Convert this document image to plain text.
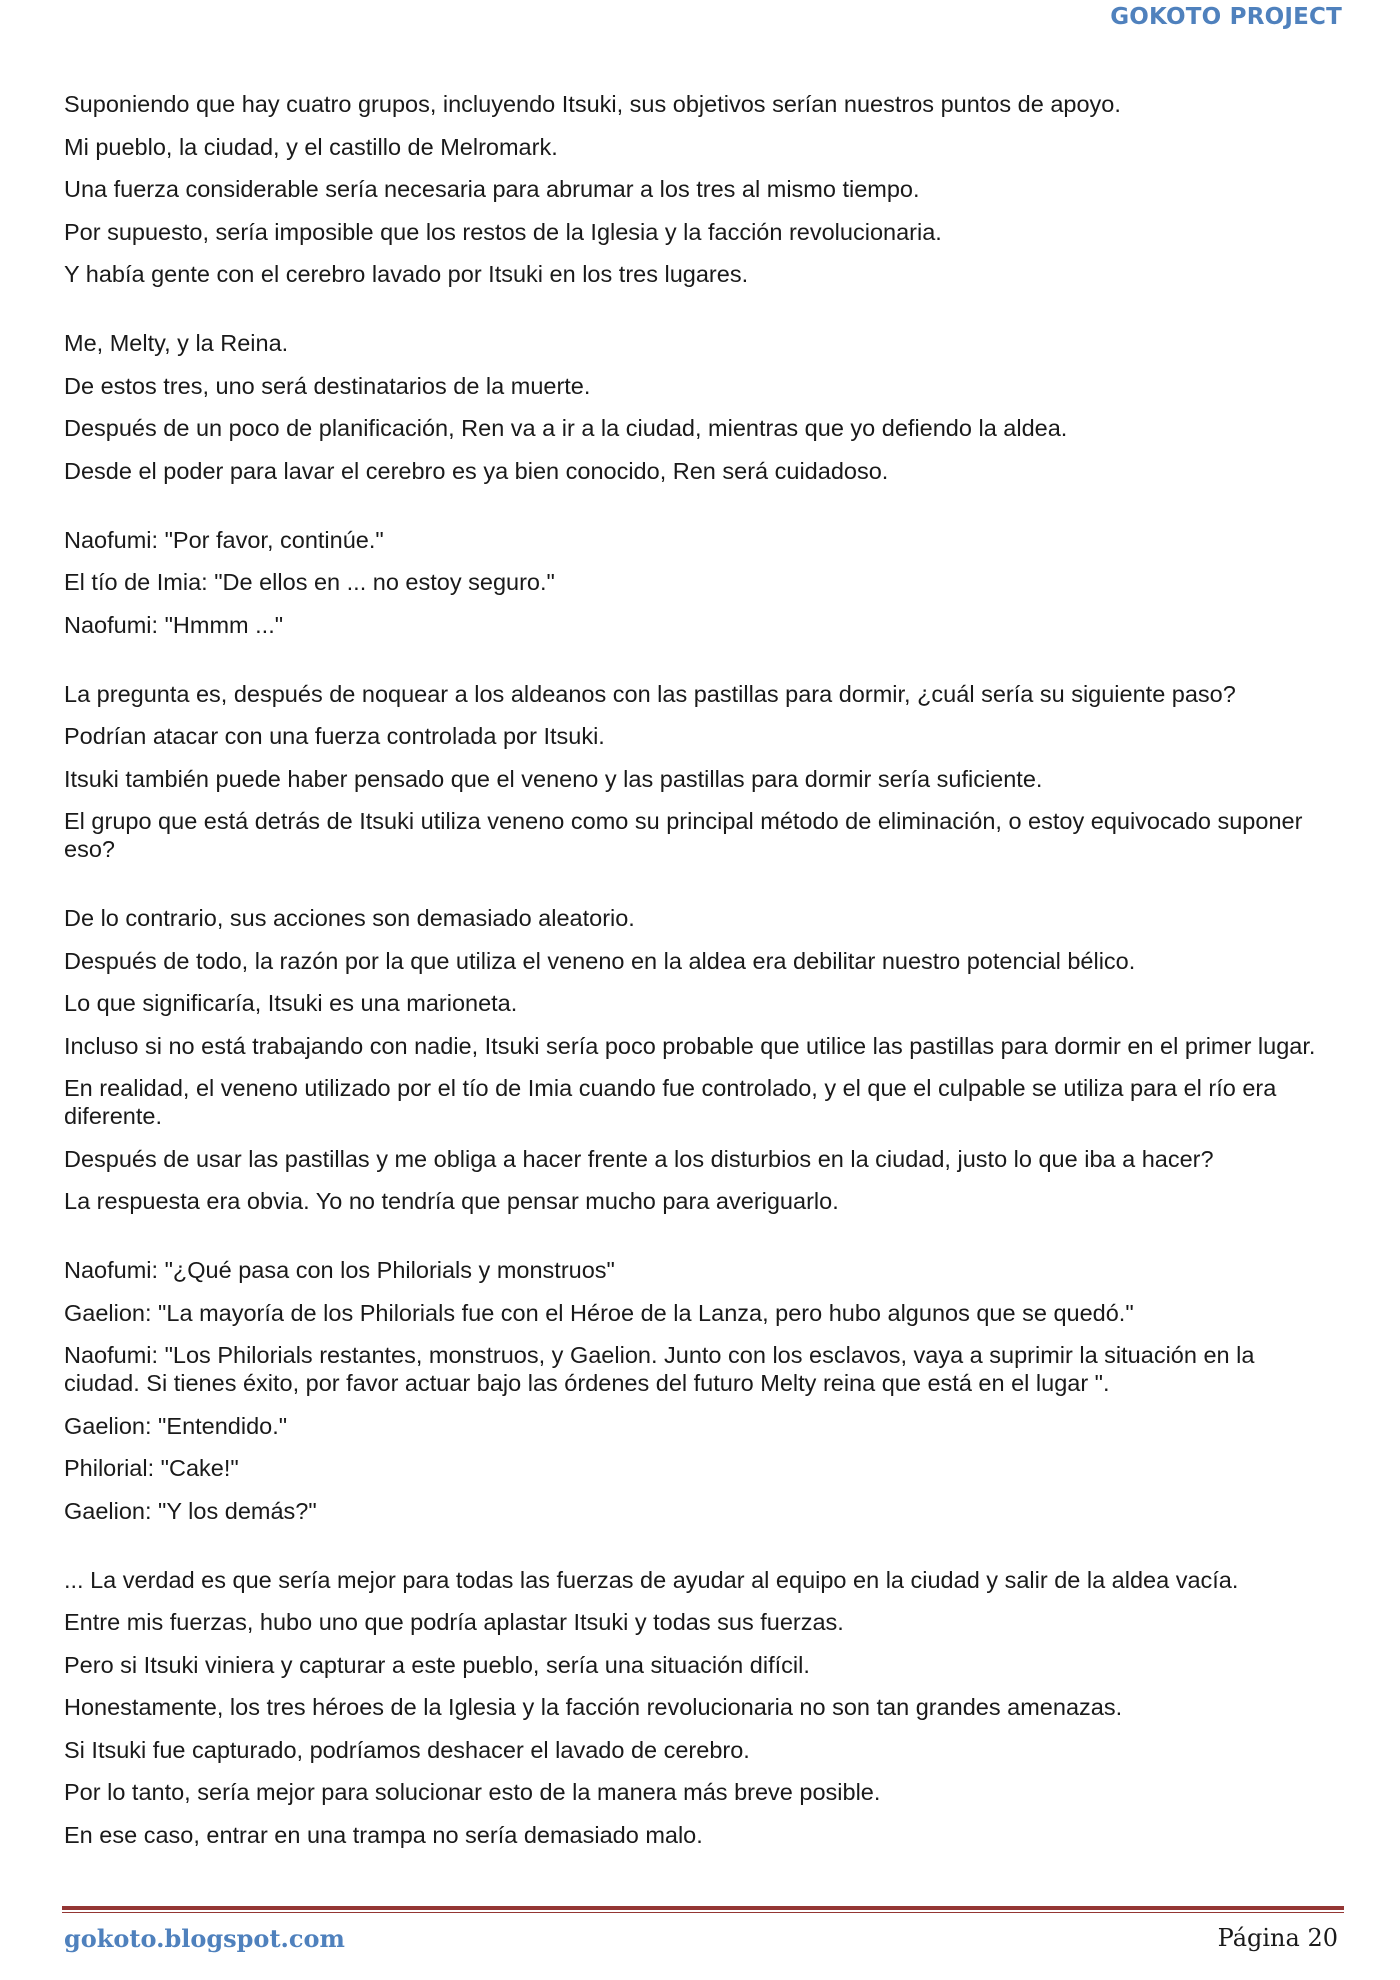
GOKOTO PROJECT

Suponiendo que hay cuatro grupos, incluyendo Itsuki, sus objetivos serían nuestros puntos de apoyo.

Mi pueblo, la ciudad, y el castillo de Melromark.

Una fuerza considerable sería necesaria para abrumar a los tres al mismo tiempo.

Por supuesto, sería imposible que los restos de la Iglesia y la facción revolucionaria.

Y había gente con el cerebro lavado por Itsuki en los tres lugares.

Me, Melty, y la Reina.

De estos tres, uno será destinatarios de la muerte.

Después de un poco de planificación, Ren va a ir a la ciudad, mientras que yo defiendo la aldea.

Desde el poder para lavar el cerebro es ya bien conocido, Ren será cuidadoso.

Naofumi: "Por favor, continúe."

El tío de Imia: "De ellos en ... no estoy seguro."

Naofumi: "Hmmm ..."

La pregunta es, después de noquear a los aldeanos con las pastillas para dormir, ¿cuál sería su siguiente paso?

Podrían atacar con una fuerza controlada por Itsuki.

Itsuki también puede haber pensado que el veneno y las pastillas para dormir sería suficiente.

El grupo que está detrás de Itsuki utiliza veneno como su principal método de eliminación, o estoy equivocado suponer eso?

De lo contrario, sus acciones son demasiado aleatorio.

Después de todo, la razón por la que utiliza el veneno en la aldea era debilitar nuestro potencial bélico.

Lo que significaría, Itsuki es una marioneta.

Incluso si no está trabajando con nadie, Itsuki sería poco probable que utilice las pastillas para dormir en el primer lugar.

En realidad, el veneno utilizado por el tío de Imia cuando fue controlado, y el que el culpable se utiliza para el río era diferente.

Después de usar las pastillas y me obliga a hacer frente a los disturbios en la ciudad, justo lo que iba a hacer?

La respuesta era obvia. Yo no tendría que pensar mucho para averiguarlo.

Naofumi: "¿Qué pasa con los Philorials y monstruos"

Gaelion: "La mayoría de los Philorials fue con el Héroe de la Lanza, pero hubo algunos que se quedó."

Naofumi: "Los Philorials restantes, monstruos, y Gaelion. Junto con los esclavos, vaya a suprimir la situación en la ciudad. Si tienes éxito, por favor actuar bajo las órdenes del futuro Melty reina que está en el lugar ".

Gaelion: "Entendido."

Philorial: "Cake!"

Gaelion: "Y los demás?"

... La verdad es que sería mejor para todas las fuerzas de ayudar al equipo en la ciudad y salir de la aldea vacía.

Entre mis fuerzas, hubo uno que podría aplastar Itsuki y todas sus fuerzas.

Pero si Itsuki viniera y capturar a este pueblo, sería una situación difícil.

Honestamente, los tres héroes de la Iglesia y la facción revolucionaria no son tan grandes amenazas.

Si Itsuki fue capturado, podríamos deshacer el lavado de cerebro.

Por lo tanto, sería mejor para solucionar esto de la manera más breve posible.

En ese caso, entrar en una trampa no sería demasiado malo.

gokoto.blogspot.com	Página 20
